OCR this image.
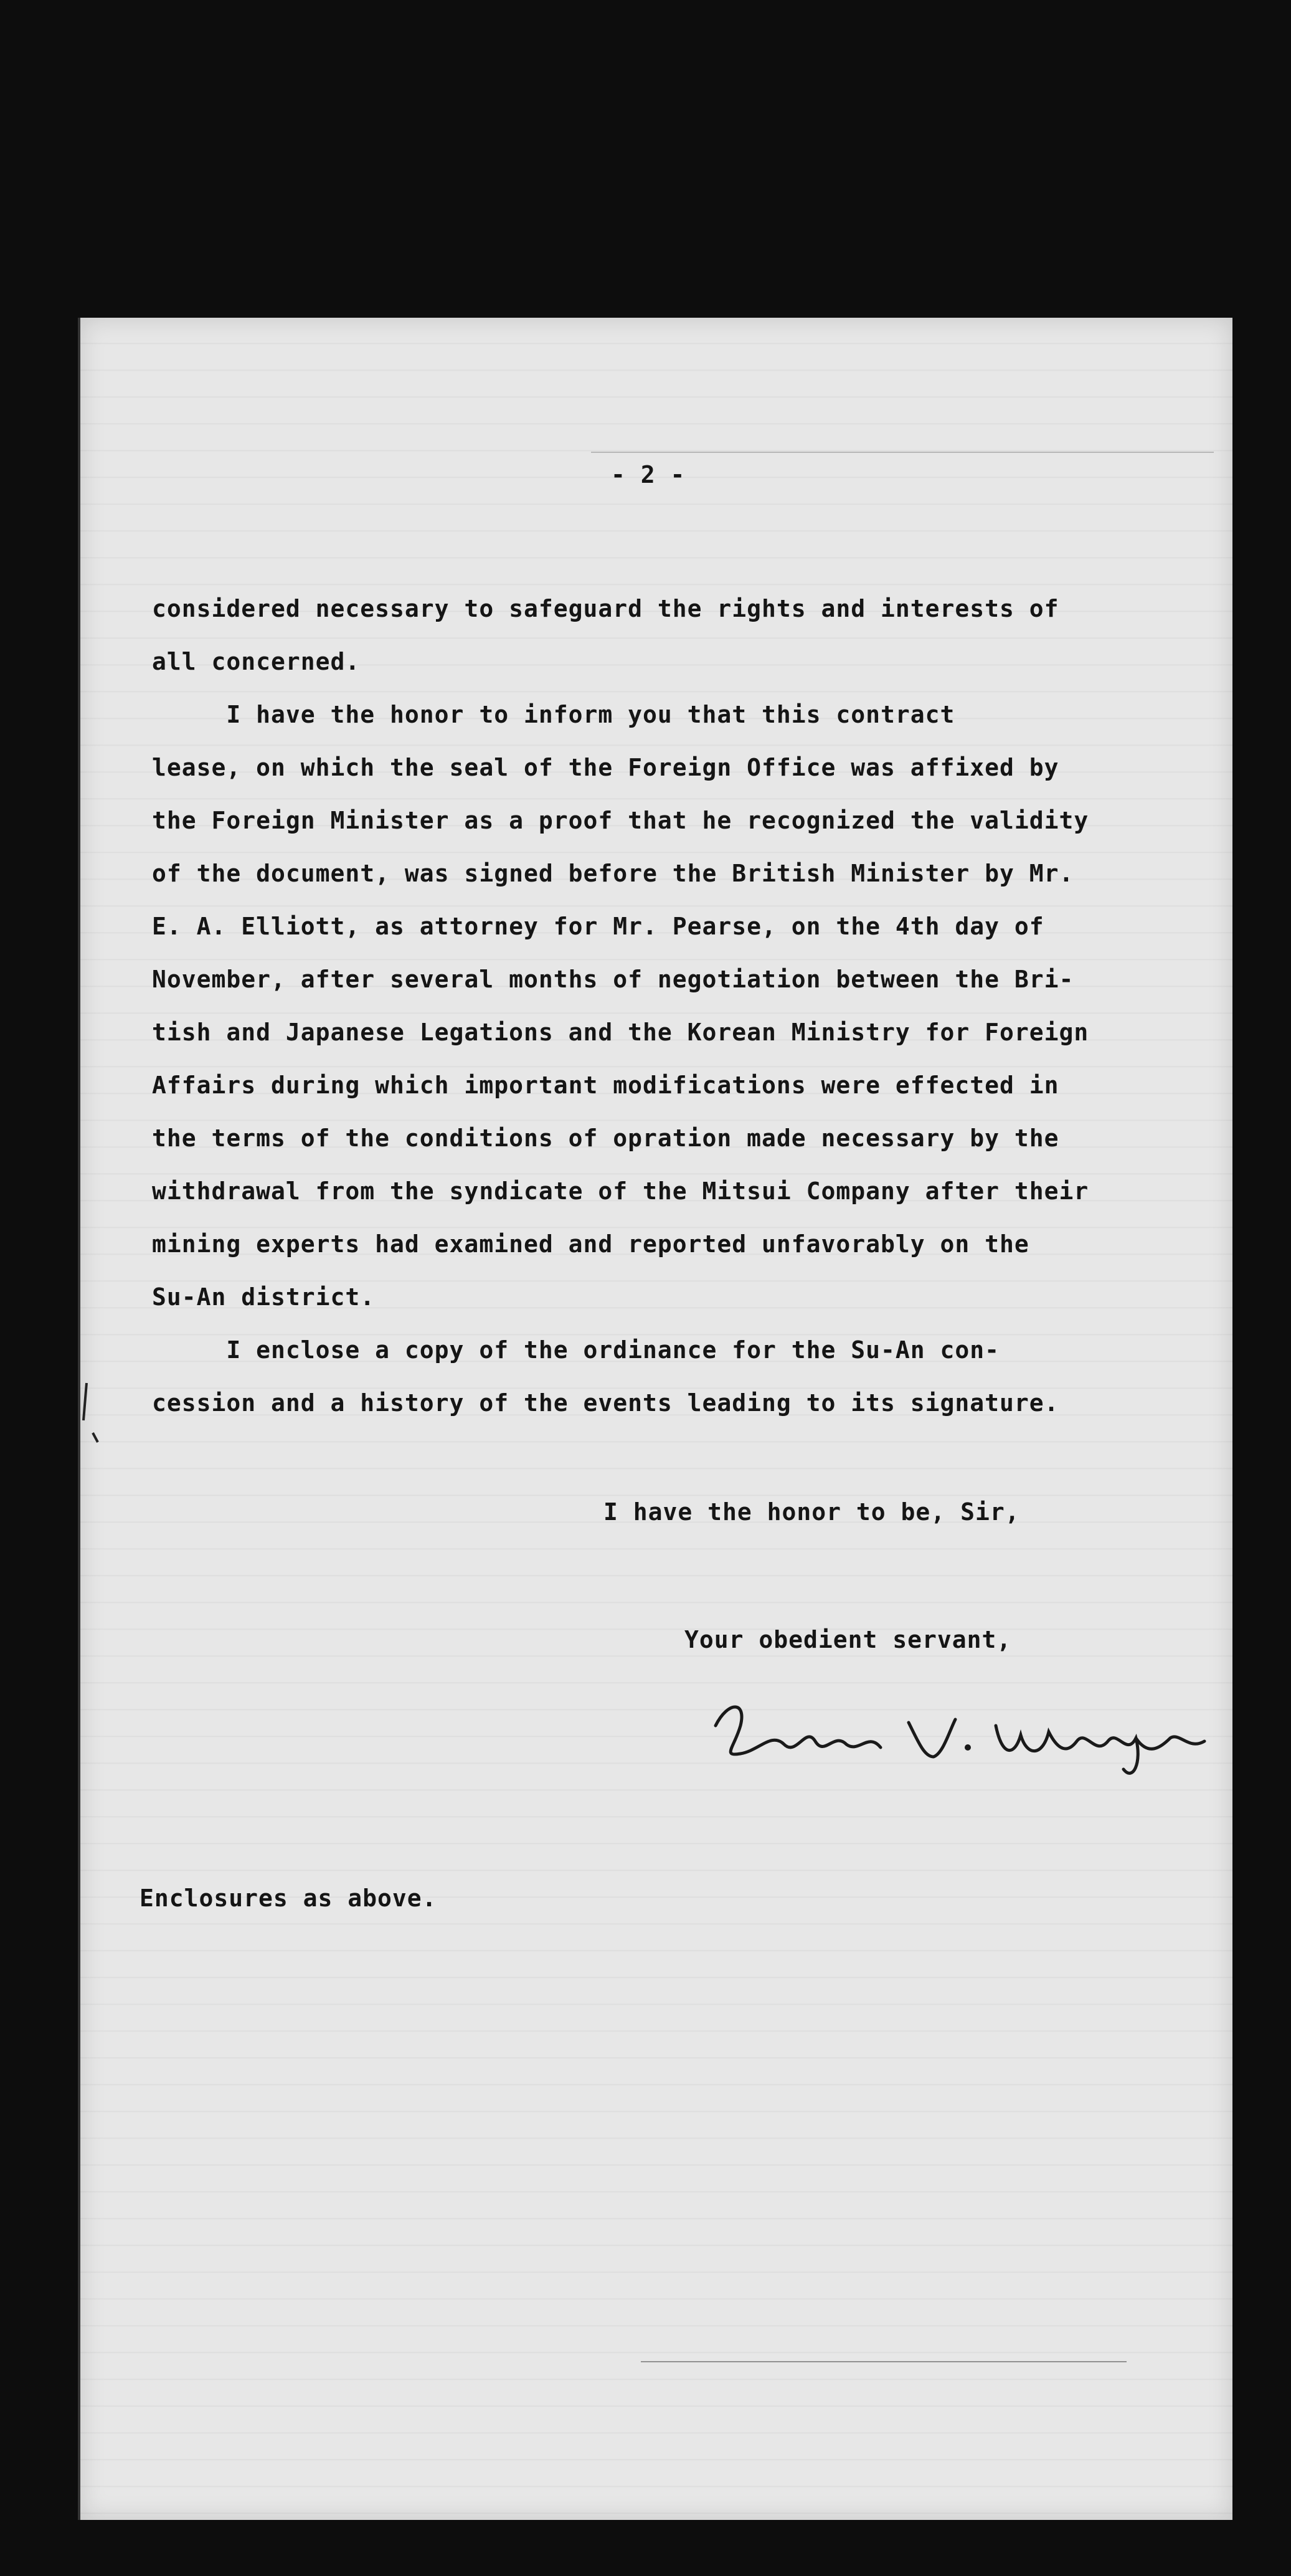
- 2 -
considered necessary to safeguard the rights and interests of
all concerned.
I have the honor to inform you that this contract
lease, on which the seal of the Foreign Office was affixed by
the Foreign Minister as a proof that he recognized the validity
of the document, was signed before the British Minister by Mr.
E. A. Elliott, as attorney for Mr. Pearse, on the 4th day of
November, after several months of negotiation between the Bri-
tish and Japanese Legations and the Korean Ministry for Foreign
Affairs during which important modifications were effected in
the terms of the conditions of opration made necessary by the
withdrawal from the syndicate of the Mitsui Company after their
mining experts had examined and reported unfavorably on the
Su-An district.
I enclose a copy of the ordinance for the Su-An con-
cession and a history of the events leading to its signature.
I have the honor to be, Sir,
Your obedient servant,
Enclosures as above.
